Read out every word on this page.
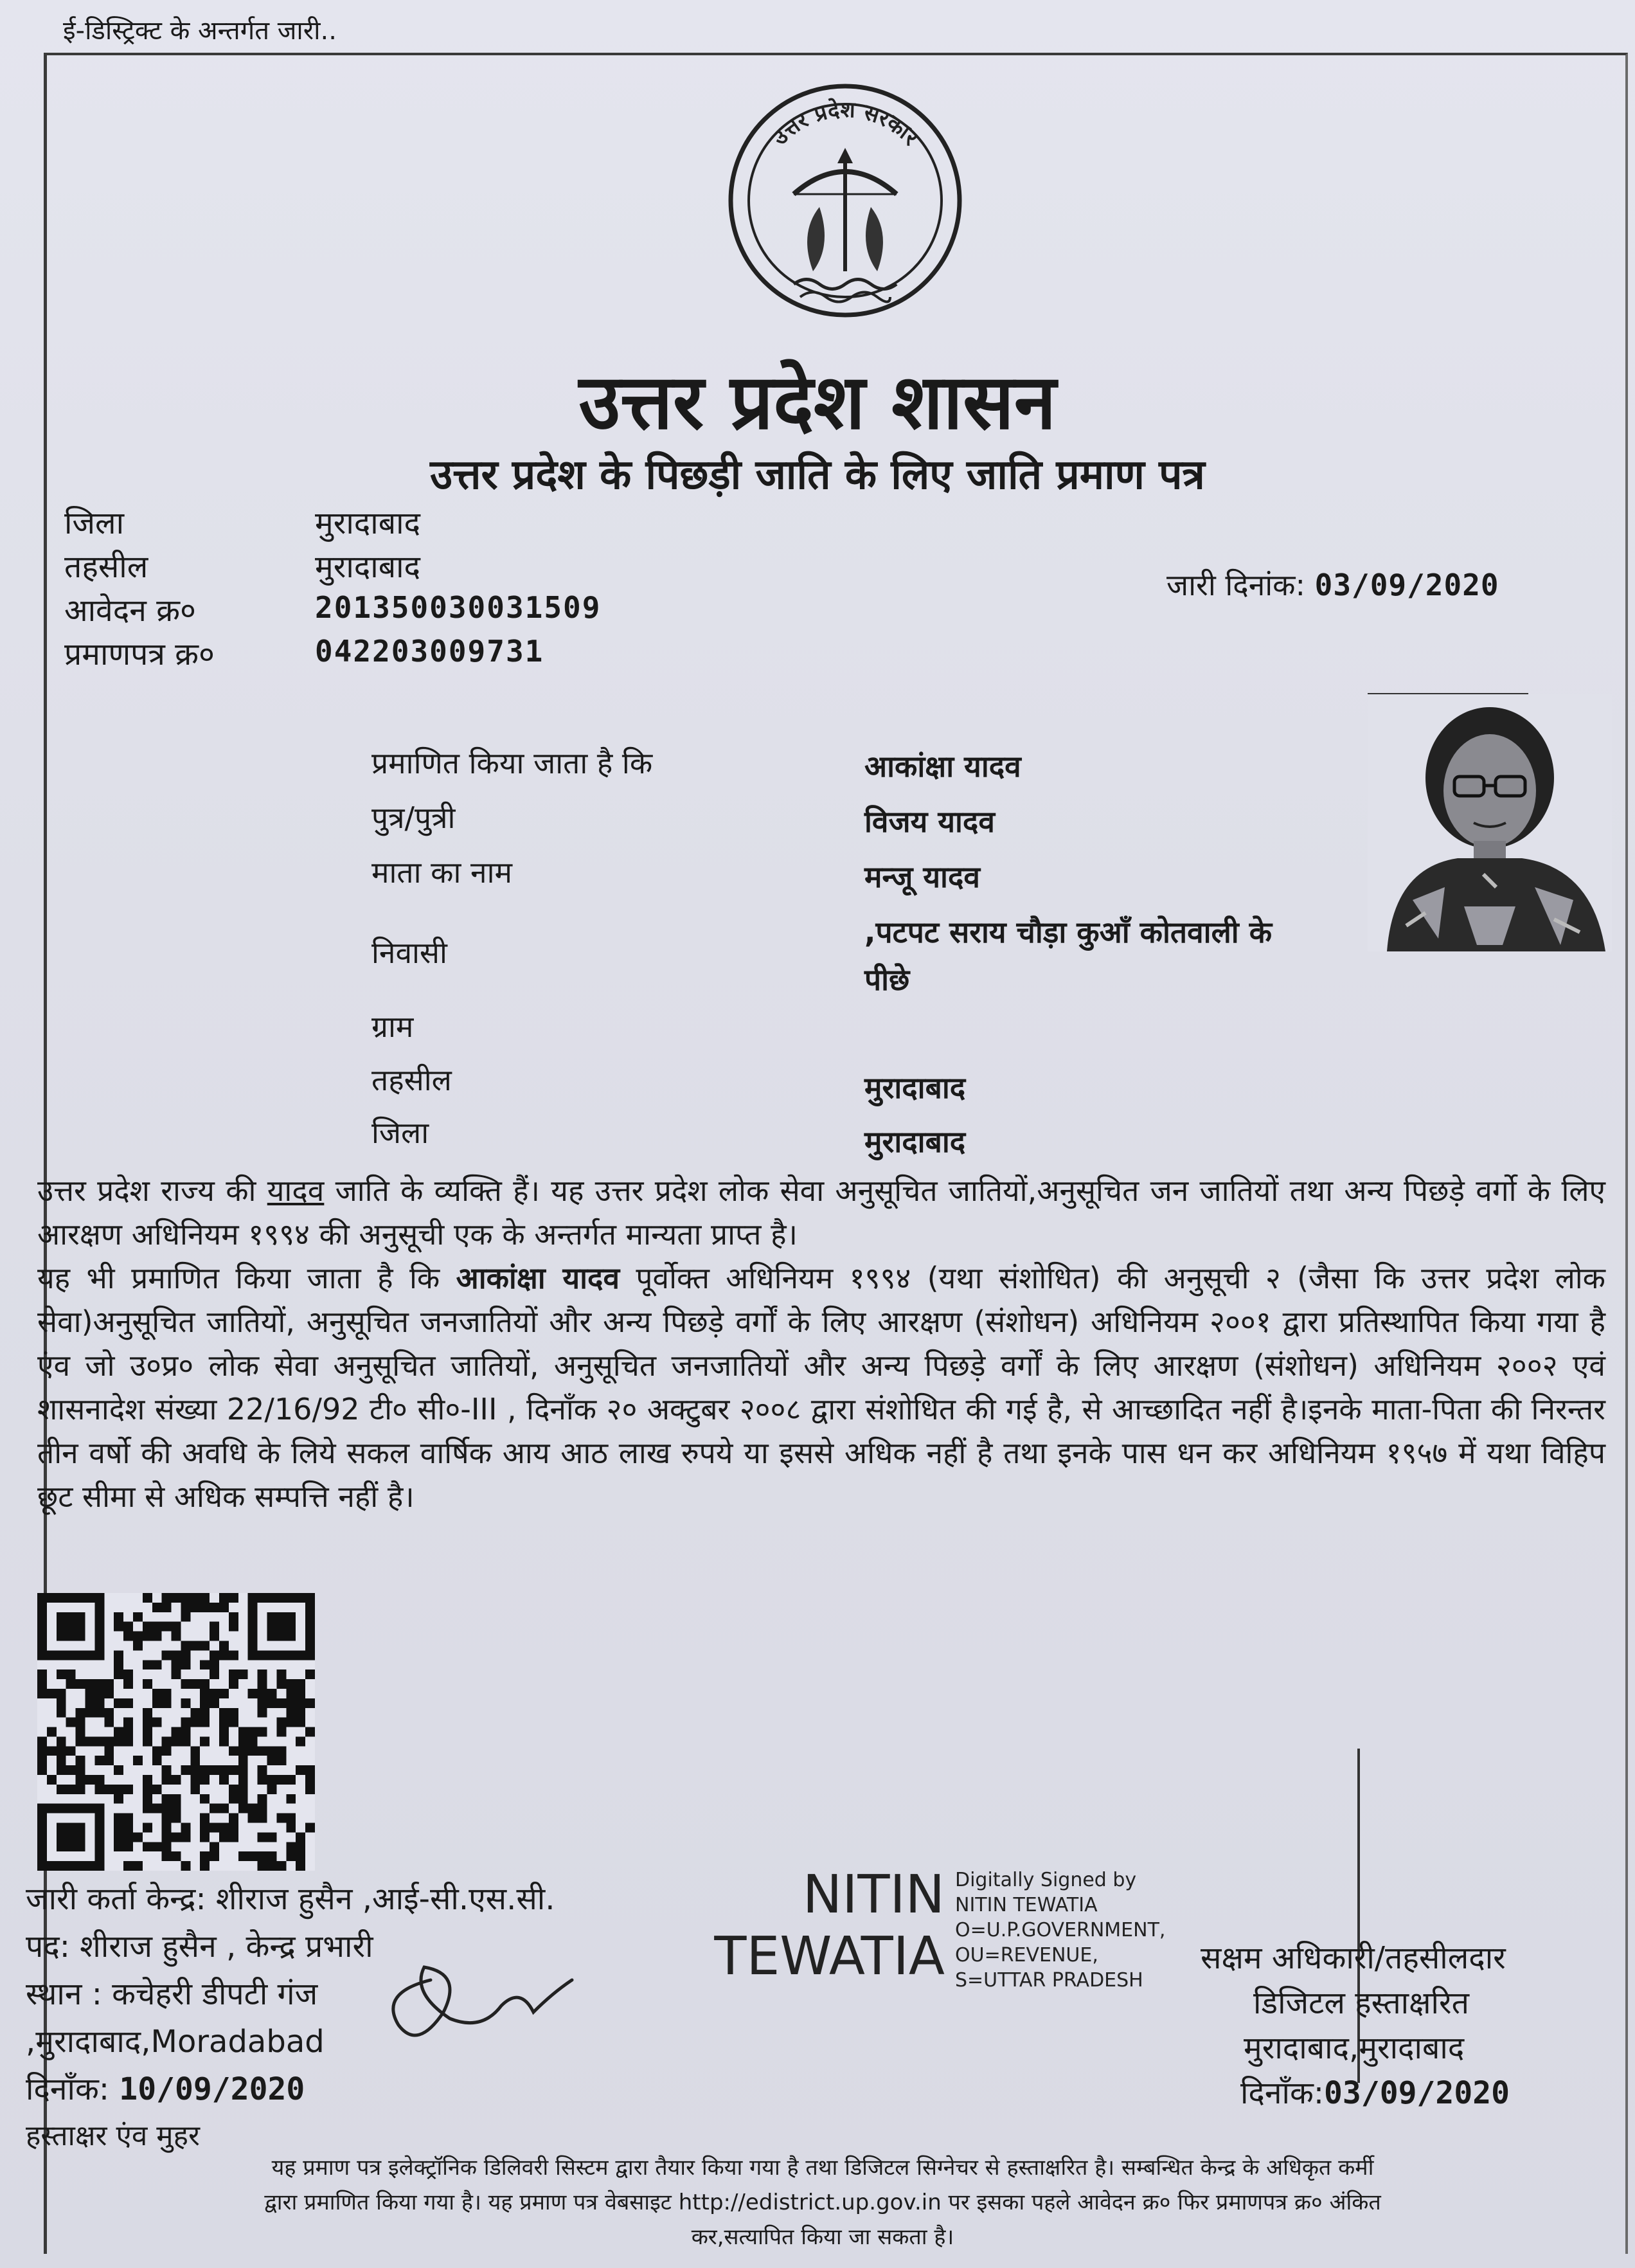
ई-डिस्ट्रिक्ट के अन्तर्गत जारी..
उत्तर प्रदेश सरकार
उत्तर प्रदेश शासन
उत्तर प्रदेश के पिछड़ी जाति के लिए जाति प्रमाण पत्र
जिला	मुरादाबाद
तहसील	मुरादाबाद
आवेदन क्र०	201350030031509
प्रमाणपत्र क्र०	042203009731
जारी दिनांक: 03/09/2020
प्रमाणित किया जाता है कि	आकांक्षा यादव
पुत्र/पुत्री	विजय यादव
माता का नाम	मन्जू यादव
निवासी
,पटपट सराय चौड़ा कुआँ कोतवाली के
पीछे
ग्राम
तहसील	मुरादाबाद
जिला	मुरादाबाद

उत्तर प्रदेश राज्य की यादव जाति के व्यक्ति हैं। यह उत्तर प्रदेश लोक सेवा अनुसूचित जातियों,अनुसूचित जन जातियों तथा अन्य पिछड़े वर्गो के लिए आरक्षण अधिनियम १९९४ की अनुसूची एक के अन्तर्गत मान्यता प्राप्त है।

यह भी प्रमाणित किया जाता है कि आकांक्षा यादव पूर्वोक्त अधिनियम १९९४ (यथा संशोधित) की अनुसूची २ (जैसा कि उत्तर प्रदेश लोक सेवा)अनुसूचित जातियों, अनुसूचित जनजातियों और अन्य पिछड़े वर्गों के लिए आरक्षण (संशोधन) अधिनियम २००१ द्वारा प्रतिस्थापित किया गया है एंव जो उ०प्र० लोक सेवा अनुसूचित जातियों, अनुसूचित जनजातियों और अन्य पिछड़े वर्गों के लिए आरक्षण (संशोधन) अधिनियम २००२ एवं शासनादेश संख्या 22/16/92 टी० सी०-III , दिनाँक २० अक्टुबर २००८ द्वारा संशोधित की गई है, से आच्छादित नहीं है।इनके माता-पिता की निरन्तर तीन वर्षो की अवधि के लिये सकल वार्षिक आय आठ लाख रुपये या इससे अधिक नहीं है तथा इनके पास धन कर अधिनियम १९५७ में यथा विहिप छूट सीमा से अधिक सम्पत्ति नहीं है।

जारी कर्ता केन्द्र: शीराज हुसैन ,आई-सी.एस.सी.
पद: शीराज हुसैन , केन्द्र प्रभारी
स्थान : कचेहरी डीपटी गंज
,मुरादाबाद,Moradabad
दिनाँक: 10/09/2020
हस्ताक्षर एंव मुहर
NITIN
TEWATIA
Digitally Signed by
NITIN TEWATIA
O=U.P.GOVERNMENT,
OU=REVENUE,
S=UTTAR PRADESH
सक्षम अधिकारी/तहसीलदार
डिजिटल हस्ताक्षरित
मुरादाबाद,मुरादाबाद
दिनाँक:03/09/2020

यह प्रमाण पत्र इलेक्ट्रॉनिक डिलिवरी सिस्टम द्वारा तैयार किया गया है तथा डिजिटल सिग्नेचर से हस्ताक्षरित है। सम्बन्धित केन्द्र के अधिकृत कर्मी

द्वारा प्रमाणित किया गया है। यह प्रमाण पत्र वेबसाइट http://edistrict.up.gov.in पर इसका पहले आवेदन क्र० फिर प्रमाणपत्र क्र० अंकित

कर,सत्यापित किया जा सकता है।
